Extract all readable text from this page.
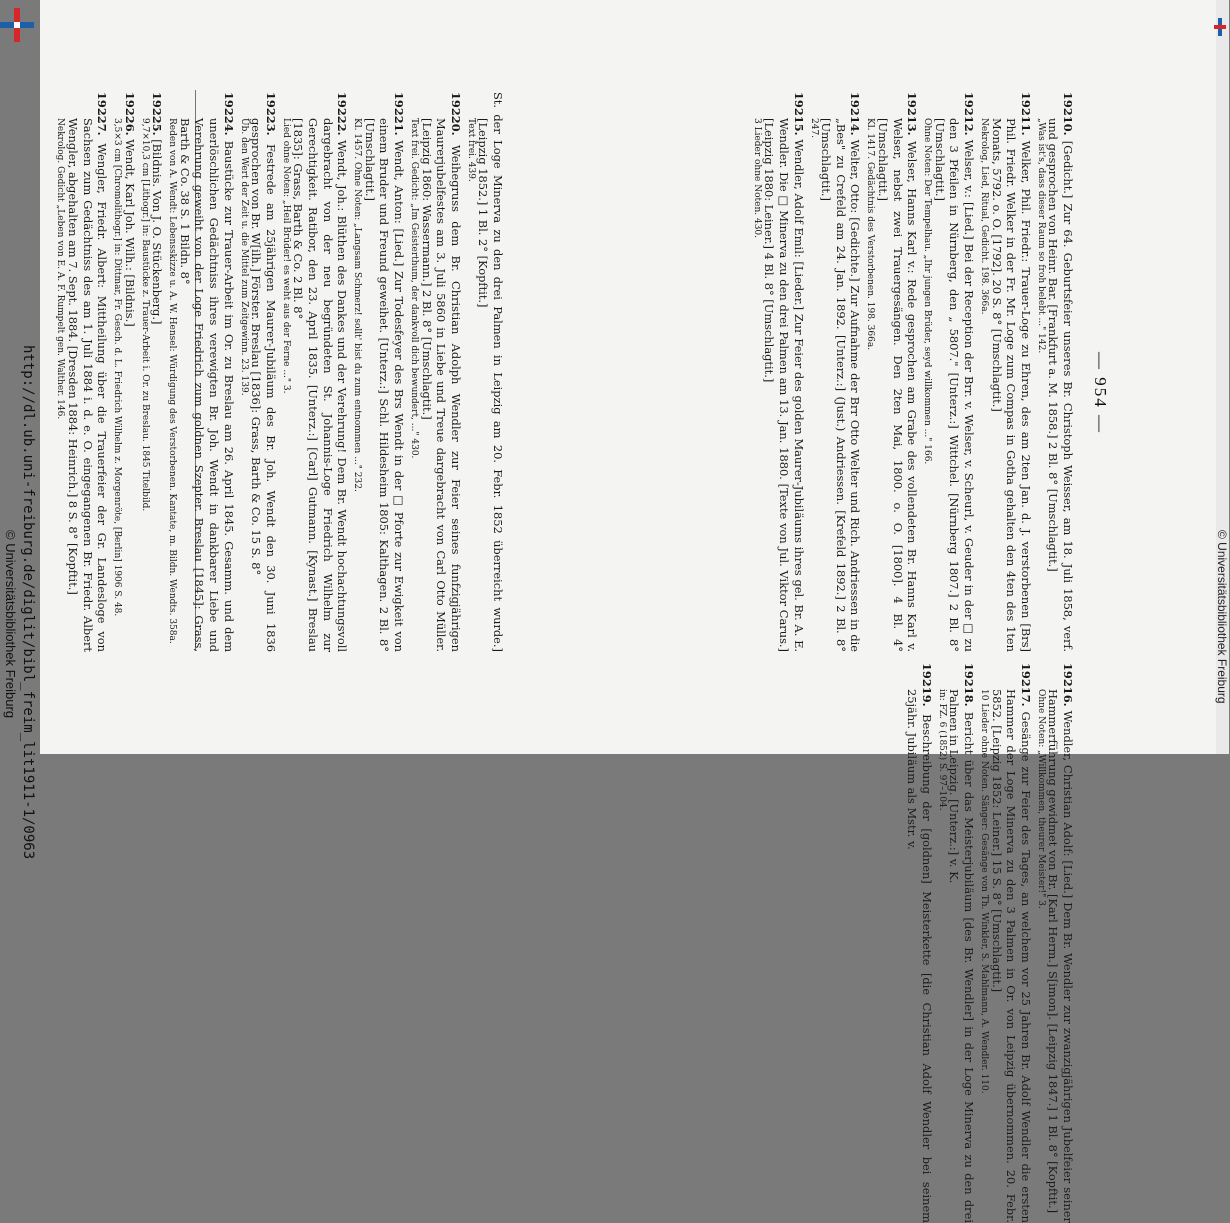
— 954 —
19210. [Gedicht.] Zur 64. Geburtsfeier unseres Br. Christoph Weisser, am 18. Juli 1858, verf. und gesprochen von Heinr. Bar. [Frankfurt a. M. 1858.] 2 Bl. 8° [Umschlagtit.]
„Was ist's, dass dieser Raum so froh belebt ..." 142.
19211. Welker, Phil. Friedr.: Trauer-Loge zu Ehren, des am 2ten Jan. d. J. verstorbenen [Brs] Phil. Friedr. Welker in der Fr. Mr. Loge zum Compas in Gotha gehalten den 4ten des 1ten Monats, 5792. o. O. [1792]. 20 S. 8° [Umschlagtit.]
Nekrolog, Lied, Ritual, Gedicht. 198. 366a.
19212. Welser, v.: [Lied.] Bei der Reception der Brr. v. Welser, v. Scheurl, v. Geuder in der □ zu den 3 Pfeilen in Nürnberg, den „ 5807." [Unterz.:] Wittchel. [Nürnberg 1807.] 2 Bl. 8° [Umschlagtit.]
Ohne Noten: Der Tempelhau. „Ihr jungen Brüder, seyd willkommen ..." 166.
19213. Welser, Hanns Karl v.: Rede gesprochen am Grabe des vollendeten Br. Hanns Karl v. Welser, nebst zwei Trauergesängen. Den 2ten Mai, 1800. o. O. [1800]. 4 Bl. 4° [Umschlagtit.]
Kl. 1417. Gedächtnis des Verstorbenen. 198. 366a.
19214. Welter, Otto: [Gedichte.] Zur Aufnahme der Brr Otto Welter und Rich. Andriessen in die „Bes" zu Crefeld am 24. Jan. 1892. [Unterz.:] (Just.) Andriessen. [Krefeld 1892.] 2 Bl. 8° [Umschlagtit.]
247.
19215. Wendler, Adolf Emil: [Lieder.] Zur Feier des golden Maurer-Jubiläums ihres gel. Br. A. E. Wendler. Die □ Minerva zu den drei Palmen am 13. Jan. 1880. [Texte von Jul. Viktor Carus.] [Leipzig 1880: Leiner.] 4 Bl. 8° [Umschlagtit.]
3 Lieder ohne Noten. 430.
19216. Wendler, Christian Adolf: [Lied.] Dem Br. Wendler zur zwanzigjährigen Jubelfeier seiner Hammerführung gewidmet von Br. [Karl Herm.] S[imon]. [Leipzig 1847.] 1 Bl. 8° [Kopftit.]
Ohne Noten: „Willkommen, theurer Meister!" 3.
19217. Gesänge zur Feier des Tages, an welchem vor 25 Jahren Br. Adolf Wendler die ersten Hammer der Loge Minerva zu den 3 Palmen in Or. von Leipzig übernommen. 20. Febr. 5852. [Leipzig 1852: Leiner.] 15 S. 8° [Umschlagtit.]
10 Lieder ohne Noten. Sänger: Gesänge von Th. Winkler, S. Mahlmann, A. Wendler. 110.
19218. Bericht über das Meisterjubiläum [des Br. Wendler] in der Loge Minerva zu den drei Palmen in Leipzig. [Unterz.:] v. K.
in: FZ. 6 (1852) S. 97–104.
19219. Beschreibung der [goldnen] Meisterkette [die Christian Adolf Wendler bei seinem 25jähr. Jubiläum als Mstr. v.
St. der Loge Minerva zu den drei Palmen in Leipzig am 20. Febr. 1852 überreicht wurde.] [Leipzig 1852.] 1 Bl. 2° [Kopftit.]
Text frei. 439.
19220. Weihegruss dem Br. Christian Adolph Wendler zur Feier seines funfzigjährigen Maurerjubelfestes am 3. Juli 5860 in Liebe und Treue dargebracht von Carl Otto Müller. [Leipzig 1860: Wassermann.] 2 Bl. 8° [Umschlagtit.]
Text frei. Gedicht: „Im Geisterthum, der dankvoll dich bewundert, ..." 430.
19221. Wendt, Anton: [Lied.] Zur Todesfeyer des Brs Wendt in der □ Pforte zur Ewigkeit von einem Bruder und Freund geweihet. [Unterz.:] Schl. Hildesheim 1805: Kalthagen. 2 Bl. 8° [Umschlagtit.]
Kl. 1457. Ohne Noten: „Langsam Schmerz! sollt' bist du zum entnommen ..." 232.
19222. Wendt, Joh.: Blüthen des Dankes und der Verehrung! Dem Br. Wendt hochachtungsvoll dargebracht von der neu begründeten St. Johannis-Loge Friedrich Wilhelm zur Gerechtigkeit. Ratibor, den 23. April 1835. [Unterz.:] [Carl] Gutmann. [Kynast.] Breslau [1835]: Grass, Barth & Co. 2 Bl. 8°
Lied ohne Noten: „Heil Brüder! es weht aus der Ferne ..." 3.
19223. Festrede am 25jährigen Maurer-Jubiläum des Br. Joh. Wendt den 30. Juni 1836 gesprochen von Br. W[ilh.] Förster. Breslau [1836]: Grass, Barth & Co. 15 S. 8°
Üb. den Wert der Zeit u. die Mittel zum Zeitgewinn. 23. 139.
19224. Baustücke zur Trauer-Arbeit im Or. zu Breslau am 26. April 1845. Gesamm. und dem unerlöschlichen Gedächtniss ihres verewigten Br. Joh. Wendt in dankbarer Liebe und Verehrung geweiht von der Loge Friedrich zum goldnen Szepter. Breslau [1845]: Grass, Barth & Co. 38 S. 1 Bildn. 8°
Reden von A. Wendt: Lebensskizze u. A. W. Hensel: Würdigung des Verstorbenen. Kantate, m. Bildn. Wendts. 358a.
19225. [Bildnis. Von J. O. Stückenberg.]
9,7×10,3 cm [Lithogr.] in: Baustücke z. Trauer-Arbeit i. Or. zu Breslau. 1845 Titelbild.
19226. Wendt, Karl Joh. Wilh.: [Bildnis.]
3,5×3 cm [Chromolithogr.] in: Dittmar, Fr. Gesch. d. L. Friedrich Wilhelm z. Morgenröte, [Berlin] 1906 S. 48.
19227. Wengler, Friedr. Albert: Mittheilung über die Trauerfeier der Gr. Landesloge von Sachsen zum Gedächtniss des am 1. Juli 1884 i. d. e. O. eingegangenen Br. Friedr. Albert Wengler, abgehalten am 7. Sept. 1884. [Dresden 1884: Heinrich.] 8 S. 8° [Kopftit.]
Nekrolog. Gedicht „Leben von E. A. F. Rumpelt gen. Walther. 146.
http://dl.ub.uni-freiburg.de/diglit/bibl_freim_lit1911-1/0963
© Universitätsbibliothek Freiburg	© Universitätsbibliothek Freiburg
